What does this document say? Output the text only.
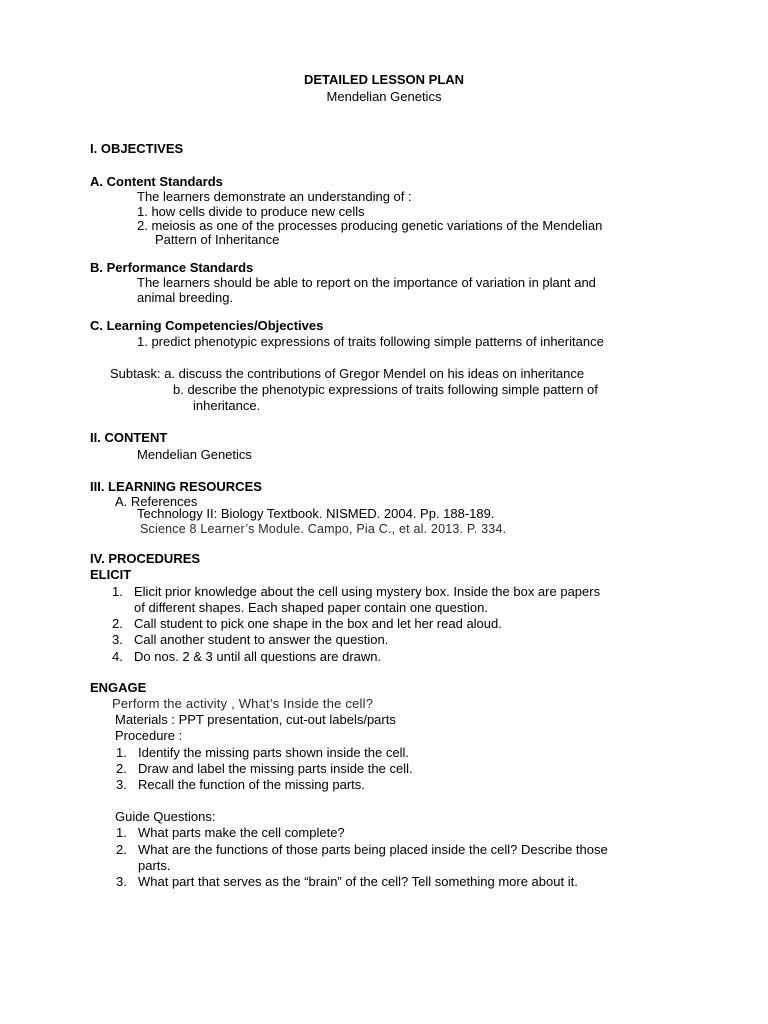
DETAILED LESSON PLAN
Mendelian Genetics
I. OBJECTIVES
A. Content Standards
The learners demonstrate an understanding of :
1. how cells divide to produce new cells
2. meiosis as one of the processes producing genetic variations of the Mendelian
Pattern of Inheritance
B. Performance Standards
The learners should be able to report on the importance of variation in plant and
animal breeding.
C. Learning Competencies/Objectives
1. predict phenotypic expressions of traits following simple patterns of inheritance
Subtask: a. discuss the contributions of Gregor Mendel on his ideas on inheritance
b. describe the phenotypic expressions of traits following simple pattern of
inheritance.
II. CONTENT
Mendelian Genetics
III. LEARNING RESOURCES
A. References
Technology II: Biology Textbook. NISMED. 2004. Pp. 188-189.
Science 8 Learner’s Module. Campo, Pia C., et al. 2013. P. 334.
IV. PROCEDURES
ELICIT
1. Elicit prior knowledge about the cell using mystery box. Inside the box are papers
of different shapes. Each shaped paper contain one question.
2. Call student to pick one shape in the box and let her read aloud.
3. Call another student to answer the question.
4. Do nos. 2 & 3 until all questions are drawn.
ENGAGE
Perform the activity , What’s Inside the cell?
Materials : PPT presentation, cut-out labels/parts
Procedure :
1. Identify the missing parts shown inside the cell.
2. Draw and label the missing parts inside the cell.
3. Recall the function of the missing parts.
Guide Questions:
1. What parts make the cell complete?
2. What are the functions of those parts being placed inside the cell? Describe those
parts.
3. What part that serves as the “brain” of the cell? Tell something more about it.
